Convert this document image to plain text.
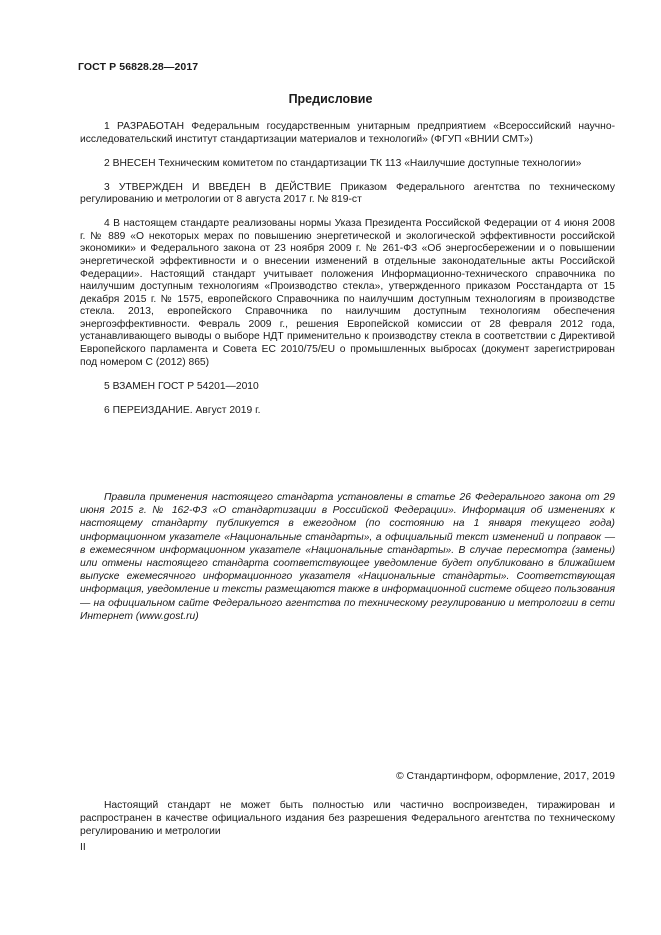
ГОСТ Р 56828.28—2017
Предисловие

1 РАЗРАБОТАН Федеральным государственным унитарным предприятием «Всероссийский научно-исследовательский институт стандартизации материалов и технологий» (ФГУП «ВНИИ СМТ»)

2 ВНЕСЕН Техническим комитетом по стандартизации ТК 113 «Наилучшие доступные технологии»

3 УТВЕРЖДЕН И ВВЕДЕН В ДЕЙСТВИЕ Приказом Федерального агентства по техническому регулированию и метрологии от 8 августа 2017 г. № 819-ст

4 В настоящем стандарте реализованы нормы Указа Президента Российской Федерации от 4 июня 2008 г. № 889 «О некоторых мерах по повышению энергетической и экологической эффективности российской экономики» и Федерального закона от 23 ноября 2009 г. № 261-ФЗ «Об энергосбережении и о повышении энергетической эффективности и о внесении изменений в отдельные законодательные акты Российской Федерации». Настоящий стандарт учитывает положения Информационно-технического справочника по наилучшим доступным технологиям «Производство стекла», утвержденного приказом Росстандарта от 15 декабря 2015 г. № 1575, европейского Справочника по наилучшим доступным технологиям в производстве стекла. 2013, европейского Справочника по наилучшим доступным технологиям обеспечения энергоэффективности. Февраль 2009 г., решения Европейской комиссии от 28 февраля 2012 года, устанавливающего выводы о выборе НДТ применительно к производству стекла в соответствии с Директивой Европейского парламента и Совета ЕС 2010/75/EU о промышленных выбросах (документ зарегистрирован под номером С (2012) 865)

5 ВЗАМЕН ГОСТ Р 54201—2010

6 ПЕРЕИЗДАНИЕ. Август 2019 г.

Правила применения настоящего стандарта установлены в статье 26 Федерального закона от 29 июня 2015 г. № 162-ФЗ «О стандартизации в Российской Федерации». Информация об изменениях к настоящему стандарту публикуется в ежегодном (по состоянию на 1 января текущего года) информационном указателе «Национальные стандарты», а официальный текст изменений и поправок — в ежемесячном информационном указателе «Национальные стандарты». В случае пересмотра (замены) или отмены настоящего стандарта соответствующее уведомление будет опубликовано в ближайшем выпуске ежемесячного информационного указателя «Национальные стандарты». Соответствующая информация, уведомление и тексты размещаются также в информационной системе общего пользования — на официальном сайте Федерального агентства по техническому регулированию и метрологии в сети Интернет (www.gost.ru)
© Стандартинформ, оформление, 2017, 2019
Настоящий стандарт не может быть полностью или частично воспроизведен, тиражирован и распространен в качестве официального издания без разрешения Федерального агентства по техническому регулированию и метрологии
II
